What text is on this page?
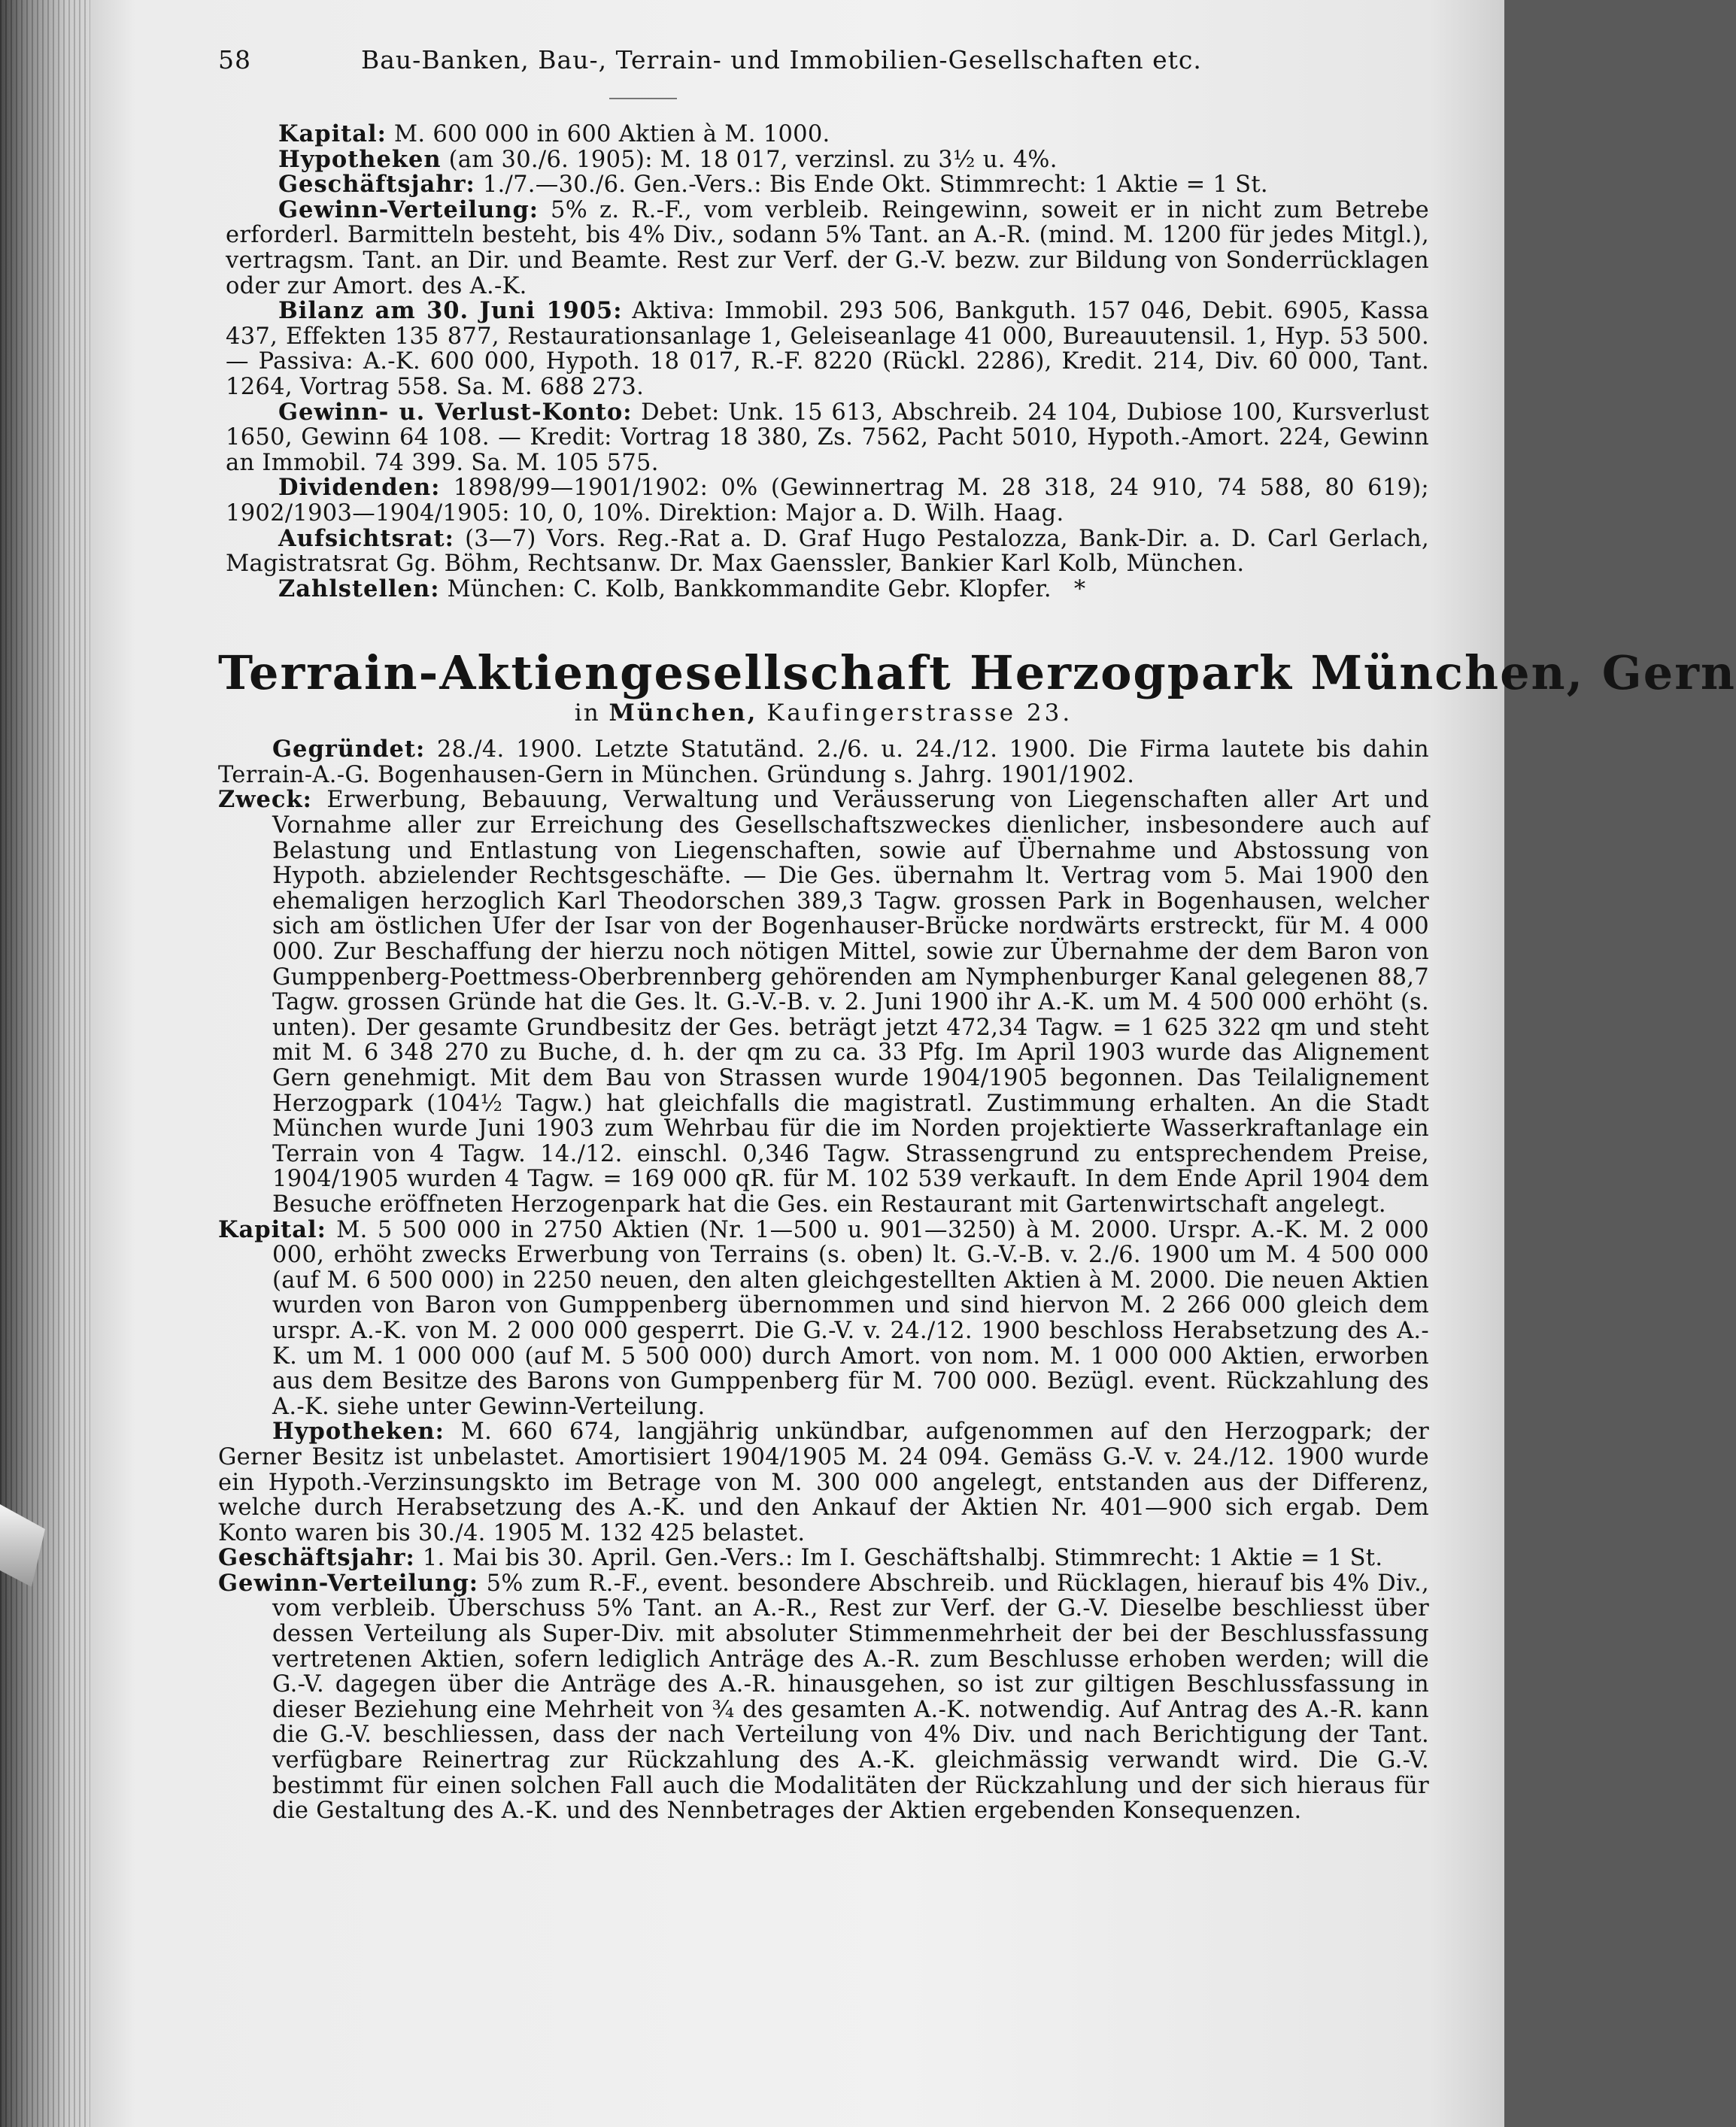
58	Bau-Banken, Bau-, Terrain- und Immobilien-Gesellschaften etc.

Kapital: M. 600 000 in 600 Aktien à M. 1000.

Hypotheken (am 30./6. 1905): M. 18 017, verzinsl. zu 3½ u. 4%.

Geschäftsjahr: 1./7.—30./6. Gen.-Vers.: Bis Ende Okt. Stimmrecht: 1 Aktie = 1 St.

Gewinn-Verteilung: 5% z. R.-F., vom verbleib. Reingewinn, soweit er in nicht zum Betrebe erforderl. Barmitteln besteht, bis 4% Div., sodann 5% Tant. an A.-R. (mind. M. 1200 für jedes Mitgl.), vertragsm. Tant. an Dir. und Beamte. Rest zur Verf. der G.-V. bezw. zur Bildung von Sonderrücklagen oder zur Amort. des A.-K.

Bilanz am 30. Juni 1905: Aktiva: Immobil. 293 506, Bankguth. 157 046, Debit. 6905, Kassa 437, Effekten 135 877, Restaurationsanlage 1, Geleiseanlage 41 000, Bureauutensil. 1, Hyp. 53 500. — Passiva: A.-K. 600 000, Hypoth. 18 017, R.-F. 8220 (Rückl. 2286), Kredit. 214, Div. 60 000, Tant. 1264, Vortrag 558. Sa. M. 688 273.

Gewinn- u. Verlust-Konto: Debet: Unk. 15 613, Abschreib. 24 104, Dubiose 100, Kursverlust 1650, Gewinn 64 108. — Kredit: Vortrag 18 380, Zs. 7562, Pacht 5010, Hypoth.-Amort. 224, Gewinn an Immobil. 74 399. Sa. M. 105 575.

Dividenden: 1898/99—1901/1902: 0% (Gewinnertrag M. 28 318, 24 910, 74 588, 80 619); 1902/1903—1904/1905: 10, 0, 10%. Direktion: Major a. D. Wilh. Haag.

Aufsichtsrat: (3—7) Vors. Reg.-Rat a. D. Graf Hugo Pestalozza, Bank-Dir. a. D. Carl Gerlach, Magistratsrat Gg. Böhm, Rechtsanw. Dr. Max Gaenssler, Bankier Karl Kolb, München.

Zahlstellen: München: C. Kolb, Bankkommandite Gebr. Klopfer. *

Terrain-Aktiengesellschaft Herzogpark München, Gern
in München, Kaufingerstrasse 23.

Gegründet: 28./4. 1900. Letzte Statutänd. 2./6. u. 24./12. 1900. Die Firma lautete bis dahin Terrain-A.-G. Bogenhausen-Gern in München. Gründung s. Jahrg. 1901/1902.

Zweck: Erwerbung, Bebauung, Verwaltung und Veräusserung von Liegenschaften aller Art und Vornahme aller zur Erreichung des Gesellschaftszweckes dienlicher, insbesondere auch auf Belastung und Entlastung von Liegenschaften, sowie auf Übernahme und Abstossung von Hypoth. abzielender Rechtsgeschäfte. — Die Ges. übernahm lt. Vertrag vom 5. Mai 1900 den ehemaligen herzoglich Karl Theodorschen 389,3 Tagw. grossen Park in Bogenhausen, welcher sich am östlichen Ufer der Isar von der Bogenhauser-Brücke nordwärts erstreckt, für M. 4 000 000. Zur Beschaffung der hierzu noch nötigen Mittel, sowie zur Übernahme der dem Baron von Gumppenberg-Poettmess-Oberbrennberg gehörenden am Nymphenburger Kanal gelegenen 88,7 Tagw. grossen Gründe hat die Ges. lt. G.-V.-B. v. 2. Juni 1900 ihr A.-K. um M. 4 500 000 erhöht (s. unten). Der gesamte Grundbesitz der Ges. beträgt jetzt 472,34 Tagw. = 1 625 322 qm und steht mit M. 6 348 270 zu Buche, d. h. der qm zu ca. 33 Pfg. Im April 1903 wurde das Alignement Gern genehmigt. Mit dem Bau von Strassen wurde 1904/1905 begonnen. Das Teilalignement Herzogpark (104½ Tagw.) hat gleichfalls die magistratl. Zustimmung erhalten. An die Stadt München wurde Juni 1903 zum Wehrbau für die im Norden projektierte Wasserkraftanlage ein Terrain von 4 Tagw. 14./12. einschl. 0,346 Tagw. Strassengrund zu entsprechendem Preise, 1904/1905 wurden 4 Tagw. = 169 000 qR. für M. 102 539 verkauft. In dem Ende April 1904 dem Besuche eröffneten Herzogenpark hat die Ges. ein Restaurant mit Gartenwirtschaft angelegt.

Kapital: M. 5 500 000 in 2750 Aktien (Nr. 1—500 u. 901—3250) à M. 2000. Urspr. A.-K. M. 2 000 000, erhöht zwecks Erwerbung von Terrains (s. oben) lt. G.-V.-B. v. 2./6. 1900 um M. 4 500 000 (auf M. 6 500 000) in 2250 neuen, den alten gleichgestellten Aktien à M. 2000. Die neuen Aktien wurden von Baron von Gumppenberg übernommen und sind hiervon M. 2 266 000 gleich dem urspr. A.-K. von M. 2 000 000 gesperrt. Die G.-V. v. 24./12. 1900 beschloss Herabsetzung des A.-K. um M. 1 000 000 (auf M. 5 500 000) durch Amort. von nom. M. 1 000 000 Aktien, erworben aus dem Besitze des Barons von Gumppenberg für M. 700 000. Bezügl. event. Rückzahlung des A.-K. siehe unter Gewinn-Verteilung.

Hypotheken: M. 660 674, langjährig unkündbar, aufgenommen auf den Herzogpark; der Gerner Besitz ist unbelastet. Amortisiert 1904/1905 M. 24 094. Gemäss G.-V. v. 24./12. 1900 wurde ein Hypoth.-Verzinsungskto im Betrage von M. 300 000 angelegt, entstanden aus der Differenz, welche durch Herabsetzung des A.-K. und den Ankauf der Aktien Nr. 401—900 sich ergab. Dem Konto waren bis 30./4. 1905 M. 132 425 belastet.

Geschäftsjahr: 1. Mai bis 30. April. Gen.-Vers.: Im I. Geschäftshalbj. Stimmrecht: 1 Aktie = 1 St.

Gewinn-Verteilung: 5% zum R.-F., event. besondere Abschreib. und Rücklagen, hierauf bis 4% Div., vom verbleib. Überschuss 5% Tant. an A.-R., Rest zur Verf. der G.-V. Dieselbe beschliesst über dessen Verteilung als Super-Div. mit absoluter Stimmenmehrheit der bei der Beschlussfassung vertretenen Aktien, sofern lediglich Anträge des A.-R. zum Beschlusse erhoben werden; will die G.-V. dagegen über die Anträge des A.-R. hinausgehen, so ist zur giltigen Beschlussfassung in dieser Beziehung eine Mehrheit von ¾ des gesamten A.-K. notwendig. Auf Antrag des A.-R. kann die G.-V. beschliessen, dass der nach Verteilung von 4% Div. und nach Berichtigung der Tant. verfügbare Reinertrag zur Rückzahlung des A.-K. gleichmässig verwandt wird. Die G.-V. bestimmt für einen solchen Fall auch die Modalitäten der Rückzahlung und der sich hieraus für die Gestaltung des A.-K. und des Nennbetrages der Aktien ergebenden Konsequenzen.
